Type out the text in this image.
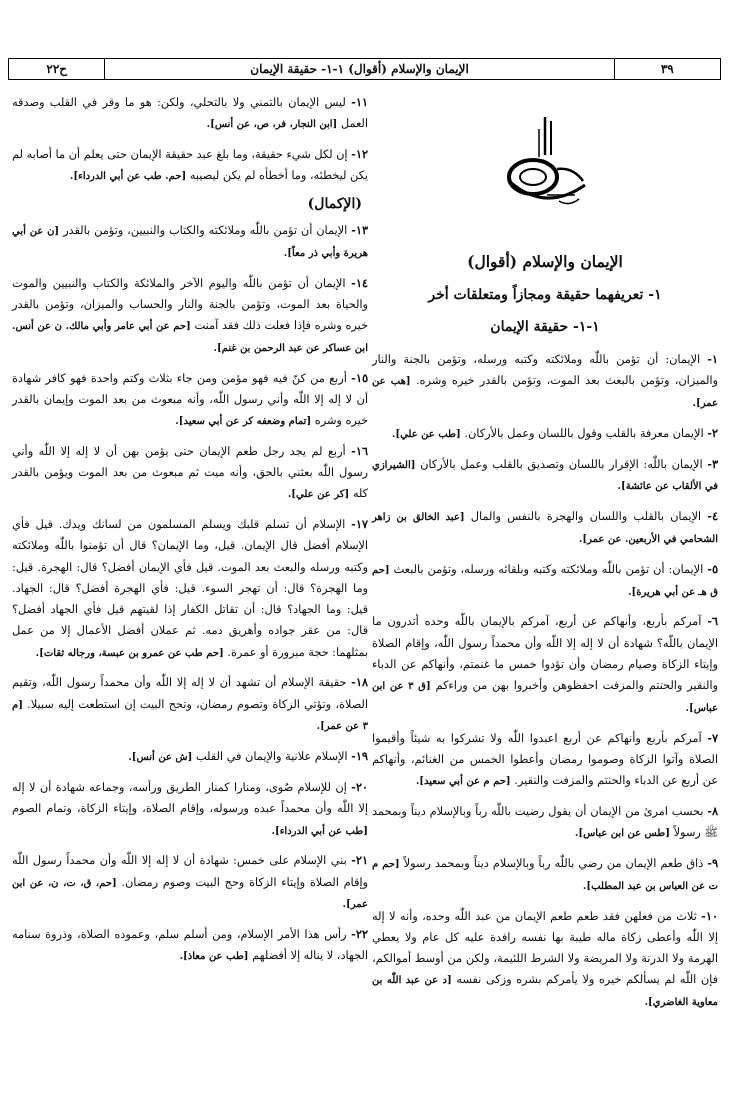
ح٢٢	الإيمان والإسلام (أقوال) ١-١- حقيقة الإيمان	٣٩
الإيمان والإسلام (أقوال)
١- تعريفهما حقيقة ومجازاً ومتعلقات أخر
١-١- حقيقة الإيمان

١- الإيمان: أن تؤمن باللّٰه وملائكته وكتبه ورسله، وتؤمن بالجنة والنار والميزان، وتؤمن بالبعث بعد الموت، وتؤمن بالقدر خيره وشره. [هب عن عمر].

٢- الإيمان معرفة بالقلب وقول باللسان وعمل بالأركان. [طب عن علي].

٣- الإيمان باللّٰه: الإقرار باللسان وتصديق بالقلب وعمل بالأركان [الشيرازي في الألقاب عن عائشة].

٤- الإيمان بالقلب واللسان والهجرة بالنفس والمال [عبد الخالق بن زاهر الشحامي في الأربعين. عن عمر].

٥- الإيمان: أن تؤمن باللّٰه وملائكته وكتبه وبلقائه ورسله، وتؤمن بالبعث [حم ق هـ عن أبي هريرة].

٦- آمركم بأربع، وأنهاكم عن أربع، آمركم بالإيمان باللّٰه وحده أتدرون ما الإيمان باللّٰه؟ شهادة أن لا إله إلا اللّٰه وأن محمداً رسول اللّٰه، وإقام الصلاة وإيتاء الزكاة وصيام رمضان وأن تؤدوا خمس ما غنمتم، وأنهاكم عن الدباء والنقير والحنتم والمزفت احفظوهن وأخبروا بهن من وراءكم [ق ٣ عن ابن عباس].

٧- آمركم بأربع وأنهاكم عن أربع اعبدوا اللّٰه ولا تشركوا به شيئاً وأقيموا الصلاة وآتوا الزكاة وصوموا رمضان وأعطوا الخمس من الغنائم، وأنهاكم عن أربع عن الدباء والحنتم والمزفت والنقير. [حم م عن أبي سعيد].

٨- بحسب امرئ من الإيمان أن يقول رضيت باللّٰه رباً وبالإسلام ديناً وبمحمد ﷺ رسولاً [طس عن ابن عباس].

٩- ذاق طعم الإيمان من رضي باللّٰه رباً وبالإسلام ديناً وبمحمد رسولاً [حم م ت عن العباس بن عبد المطلب].

١٠- ثلاث من فعلهن فقد طعم طعم الإيمان من عبد اللّٰه وحده، وأنه لا إله إلا اللّٰه وأعطى زكاة ماله طيبة بها نفسه رافدة عليه كل عام ولا يعطي الهرمة ولا الدرنة ولا المريضة ولا الشرط اللئيمة، ولكن من أوسط أموالكم، فإن اللّٰه لم يسألكم خيره ولا يأمركم بشره وزكى نفسه [د عن عبد اللّٰه بن معاوية الغاضري].

١١- ليس الإيمان بالتمني ولا بالتحلي، ولكن: هو ما وقر في القلب وصدقه العمل [ابن النجار، فر، ص، عن أنس].

١٢- إن لكل شيء حقيقة، وما بلغ عبد حقيقة الإيمان حتى يعلم أن ما أصابه لم يكن ليخطئه، وما أخطأه لم يكن ليصيبه [حم. طب عن أبي الدرداء].

(الإكمال)

١٣- الإيمان أن تؤمن باللّٰه وملائكته والكتاب والنبيين، وتؤمن بالقدر [ن عن أبي هريرة وأبي ذر معاً].

١٤- الإيمان أن تؤمن باللّٰه واليوم الآخر والملائكة والكتاب والنبيين والموت والحياة بعد الموت، وتؤمن بالجنة والنار والحساب والميزان، وتؤمن بالقدر خيره وشره فإذا فعلت ذلك فقد آمنت [حم عن أبي عامر وأبي مالك. ن عن أنس. ابن عساكر عن عبد الرحمن بن غنم].

١٥- أربع من كنّ فيه فهو مؤمن ومن جاء بثلاث وكتم واحدة فهو كافر شهادة أن لا إله إلا اللّٰه وأني رسول اللّٰه، وأنه مبعوث من بعد الموت وإيمان بالقدر خيره وشره [تمام وضعفه كر عن أبي سعيد].

١٦- أربع لم يجد رجل طعم الإيمان حتى يؤمن بهن أن لا إله إلا اللّٰه وأني رسول اللّٰه بعثني بالحق، وأنه ميت ثم مبعوث من بعد الموت ويؤمن بالقدر كله [كر عن علي].

١٧- الإسلام أن تسلم قلبك ويسلم المسلمون من لسانك ويدك. قيل فأي الإسلام أفضل قال الإيمان. قيل، وما الإيمان؟ قال أن تؤمنوا باللّٰه وملائكته وكتبه ورسله والبعث بعد الموت. قيل فأي الإيمان أفضل؟ قال: الهجرة. قيل: وما الهجرة؟ قال: أن تهجر السوء. قيل: فأي الهجرة أفضل؟ قال: الجهاد. قيل: وما الجهاد؟ قال: أن تقاتل الكفار إذا لقيتهم قيل فأي الجهاد أفضل؟ قال: من عقر جواده وأهريق دمه. ثم عملان أفضل الأعمال إلا من عمل بمثلهما: حجة مبرورة أو عمرة. [حم طب عن عمرو بن عبسة، ورجاله ثقات].

١٨- حقيقة الإسلام أن تشهد أن لا إله إلا اللّٰه وأن محمداً رسول اللّٰه، وتقيم الصلاة، وتؤتي الزكاة وتصوم رمضان، وتحج البيت إن استطعت إليه سبيلا. [م ٣ عن عمر].

١٩- الإسلام علانية والإيمان في القلب [ش عن أنس].

٢٠- إن للإسلام صُوى، ومنارا كمنار الطريق ورأسه، وجماعه شهادة أن لا إله إلا اللّٰه وأن محمداً عبده ورسوله، وإقام الصلاة، وإيتاء الزكاة، وتمام الصوم [طب عن أبي الدرداء].

٢١- بني الإسلام على خمس: شهادة أن لا إله إلا اللّٰه وأن محمداً رسول اللّٰه وإقام الصلاة وإيتاء الزكاة وحج البيت وصوم رمضان. [حم، ق، ت، ن، عن ابن عمر].

٢٢- رأس هذا الأمر الإسلام، ومن أسلم سلم، وعموده الصلاة، وذروة سنامه الجهاد، لا يناله إلا أفضلهم [طب عن معاذ].
